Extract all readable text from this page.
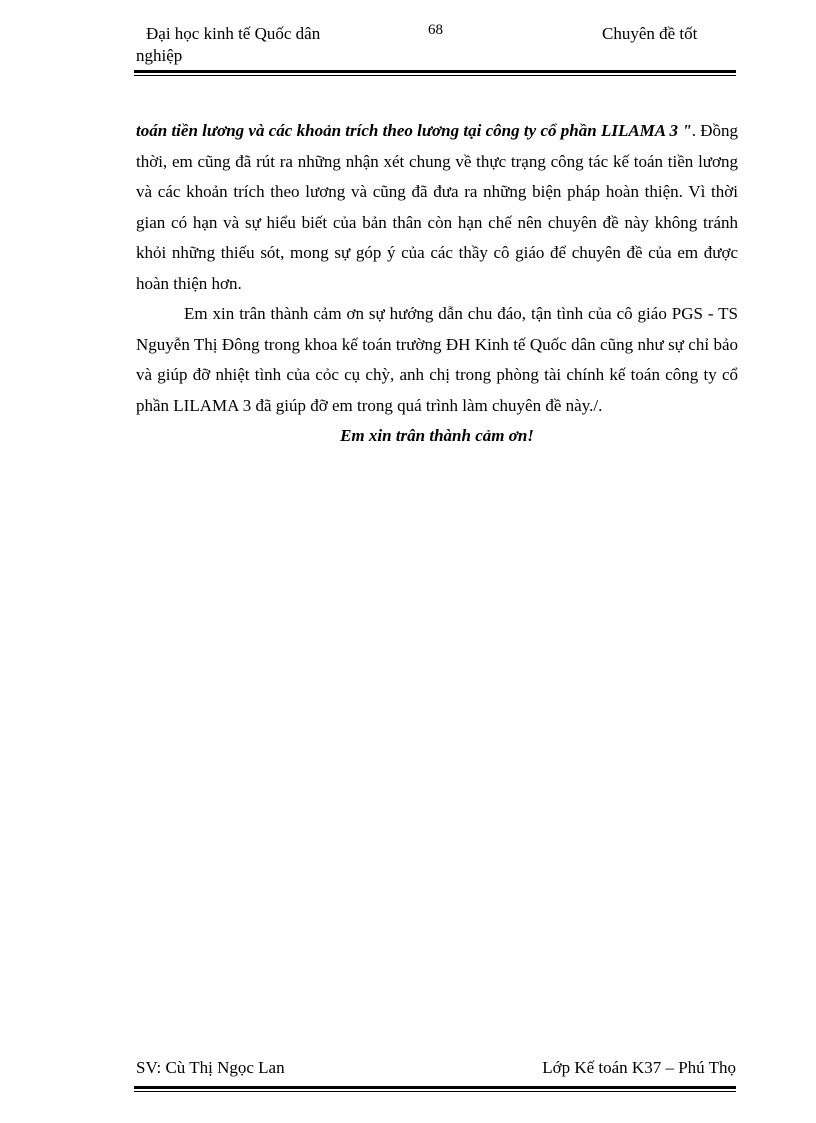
Đại học kinh tế Quốc dân
nghiệp
68	Chuyên đề tốt

toán tiền lương và các khoản trích theo lương tại công ty cổ phần LILAMA 3 ". Đồng thời, em cũng đã rút ra những nhận xét chung về thực trạng công tác kế toán tiền lương và các khoản trích theo lương và cũng đã đưa ra những biện pháp hoàn thiện. Vì thời gian có hạn và sự hiểu biết của bản thân còn hạn chế nên chuyên đề này không tránh khỏi những thiếu sót, mong sự góp ý của các thầy cô giáo để chuyên đề của em được hoàn thiện hơn.

Em xin trân thành cảm ơn sự hướng dẫn chu đáo, tận tình của cô giáo PGS - TS Nguyễn Thị Đông trong khoa kế toán trường ĐH Kinh tế Quốc dân cũng như sự chỉ bảo và giúp đỡ nhiệt tình của cỏc cụ chỳ, anh chị trong phòng tài chính kế toán công ty cổ phần LILAMA 3 đã giúp đỡ em trong quá trình làm chuyên đề này./.

Em xin trân thành cảm ơn!

SV: Cù Thị Ngọc Lan	Lớp Kế toán K37 – Phú Thọ
